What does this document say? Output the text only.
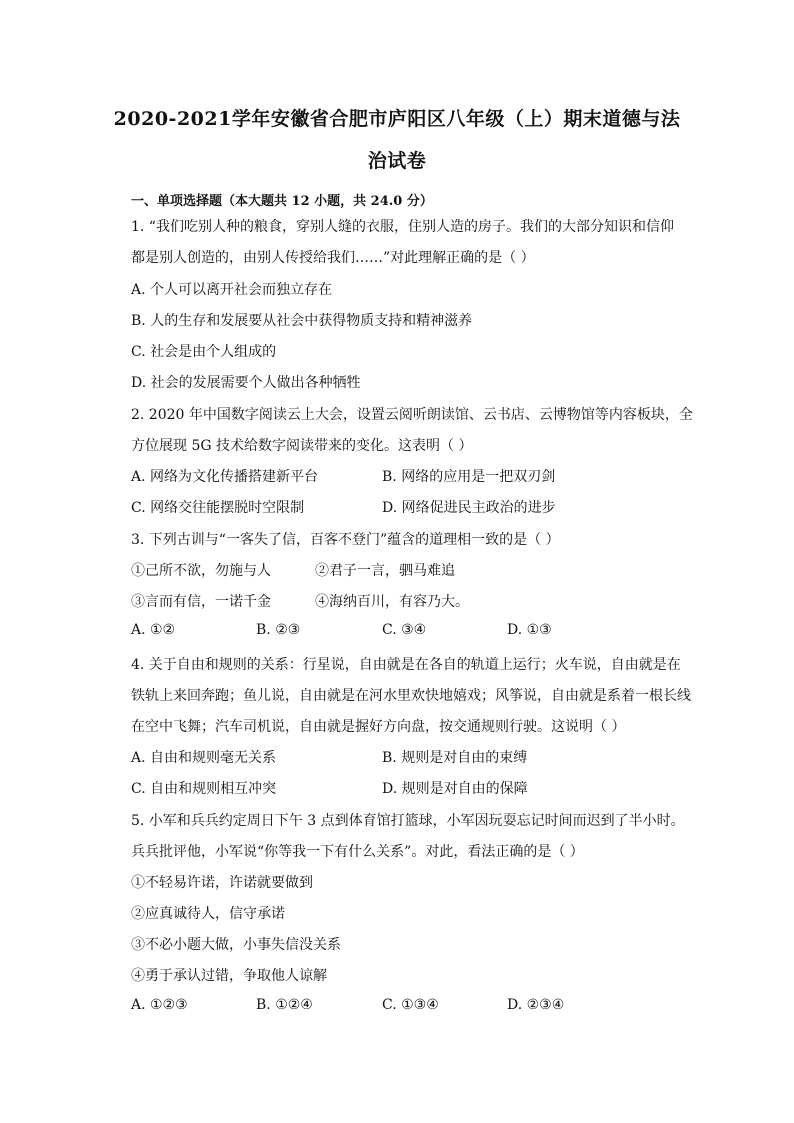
2020-2021学年安徽省合肥市庐阳区八年级（上）期末道德与法
治试卷
一、单项选择题（本大题共 12 小题，共 24.0 分）
1. “我们吃别人种的粮食，穿别人缝的衣服，住别人造的房子。我们的大部分知识和信仰
都是别人创造的，由别人传授给我们……”对此理解正确的是（ ）
A. 个人可以离开社会而独立存在
B. 人的生存和发展要从社会中获得物质支持和精神滋养
C. 社会是由个人组成的
D. 社会的发展需要个人做出各种牺牲
2. 2020 年中国数字阅读云上大会，设置云阅听朗读馆、云书店、云博物馆等内容板块，全
方位展现 5G 技术给数字阅读带来的变化。这表明（ ）
A. 网络为文化传播搭建新平台	B. 网络的应用是一把双刃剑
C. 网络交往能摆脱时空限制	D. 网络促进民主政治的进步
3. 下列古训与“一客失了信，百客不登门”蕴含的道理相一致的是（ ）
①己所不欲，勿施与人	②君子一言，驷马难追
③言而有信，一诺千金	④海纳百川，有容乃大。
A. ①②	B. ②③	C. ③④	D. ①③
4. 关于自由和规则的关系：行星说，自由就是在各自的轨道上运行；火车说，自由就是在
铁轨上来回奔跑；鱼儿说，自由就是在河水里欢快地嬉戏；风筝说，自由就是系着一根长线
在空中飞舞；汽车司机说，自由就是握好方向盘，按交通规则行驶。这说明（ ）
A. 自由和规则毫无关系	B. 规则是对自由的束缚
C. 自由和规则相互冲突	D. 规则是对自由的保障
5. 小军和兵兵约定周日下午 3 点到体育馆打篮球，小军因玩耍忘记时间而迟到了半小时。
兵兵批评他，小军说“你等我一下有什么关系”。对此，看法正确的是（ ）
①不轻易许诺，许诺就要做到
②应真诚待人，信守承诺
③不必小题大做，小事失信没关系
④勇于承认过错，争取他人谅解
A. ①②③	B. ①②④	C. ①③④	D. ②③④
